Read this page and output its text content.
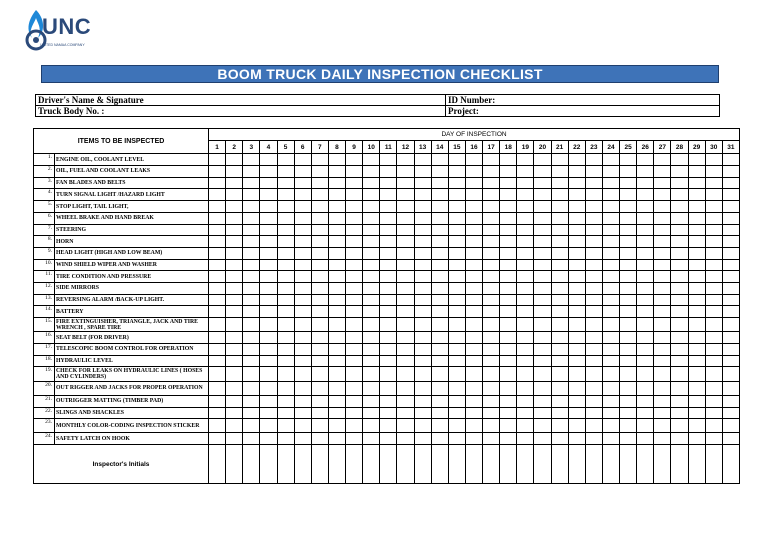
UNC
UNITED NAMAA COMPANY
BOOM TRUCK DAILY INSPECTION CHECKLIST
Driver's Name & Signature	ID Number:
Truck Body No. :	Project:
ITEMS TO BE INSPECTED		DAY OF INSPECTION																														
		1	2	3	4	5	6	7	8	9	10	11	12	13	14	15	16	17	18	19	20	21	22	23	24	25	26	27	28	29	30	31
1.	ENGINE OIL, COOLANT LEVEL																															
2.	OIL, FUEL AND COOLANT LEAKS																															
3.	FAN BLADES AND BELTS																															
4.	TURN SIGNAL LIGHT /HAZARD LIGHT																															
5.	STOP LIGHT, TAIL LIGHT,																															
6.	WHEEL BRAKE AND HAND BREAK																															
7.	STEERING																															
8.	HORN																															
9.	HEAD LIGHT (HIGH AND LOW BEAM)																															
10.	WIND SHIELD WIPER AND WASHER																															
11.	TIRE CONDITION AND PRESSURE																															
12.	SIDE MIRRORS																															
13.	REVERSING ALARM /BACK-UP LIGHT.																															
14.	BATTERY																															
15.	FIRE EXTINGUISHER, TRIANGLE, JACK AND TIRE WRENCH , SPARE TIRE																															
16.	SEAT BELT (FOR DRIVER)																															
17.	TELESCOPIC BOOM CONTROL FOR OPERATION																															
18.	HYDRAULIC LEVEL																															
19.	CHECK FOR LEAKS ON HYDRAULIC LINES ( HOSES AND CYLINDERS)																															
20.	OUT RIGGER AND JACKS FOR PROPER OPERATION																															
21.	OUTRIGGER MATTING (TIMBER PAD)																															
22.	SLINGS AND SHACKLES																															
23.	MONTHLY COLOR-CODING INSPECTION STICKER																															
24.	SAFETY LATCH ON HOOK																															
Inspector's Initials																																
